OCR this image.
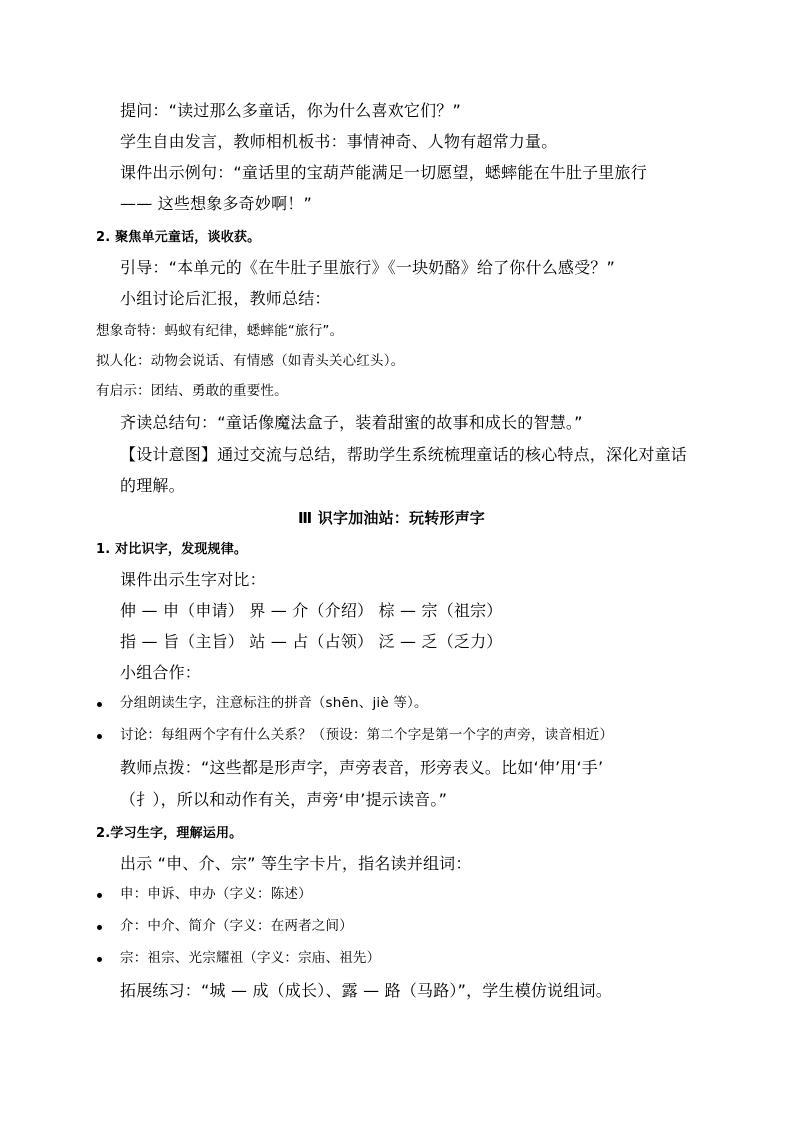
提问：“读过那么多童话，你为什么喜欢它们？”
学生自由发言，教师相机板书：事情神奇、人物有超常力量。
课件出示例句：“童话里的宝葫芦能满足一切愿望，蟋蟀能在牛肚子里旅行
—— 这些想象多奇妙啊！”
2. 聚焦单元童话，谈收获。
引导：“本单元的《在牛肚子里旅行》《一块奶酪》给了你什么感受？”
小组讨论后汇报，教师总结：
想象奇特：蚂蚁有纪律，蟋蟀能“旅行”。
拟人化：动物会说话、有情感（如青头关心红头）。
有启示：团结、勇敢的重要性。
齐读总结句：“童话像魔法盒子，装着甜蜜的故事和成长的智慧。”
【设计意图】通过交流与总结，帮助学生系统梳理童话的核心特点，深化对童话
的理解。
Ⅲ 识字加油站：玩转形声字
1. 对比识字，发现规律。
课件出示生字对比：
伸 — 申（申请） 界 — 介（介绍） 棕 — 宗（祖宗）
指 — 旨（主旨） 站 — 占（占领） 泛 — 乏（乏力）
小组合作：
分组朗读生字，注意标注的拼音（shēn、jiè 等）。
讨论：每组两个字有什么关系？（预设：第二个字是第一个字的声旁，读音相近）
教师点拨：“这些都是形声字，声旁表音，形旁表义。比如‘伸’用‘手’
（扌），所以和动作有关，声旁‘申’提示读音。”
2.学习生字，理解运用。
出示 “申、介、宗” 等生字卡片，指名读并组词：
申：申诉、申办（字义：陈述）
介：中介、简介（字义：在两者之间）
宗：祖宗、光宗耀祖（字义：宗庙、祖先）
拓展练习：“城 — 成（成长）、露 — 路（马路）”，学生模仿说组词。
